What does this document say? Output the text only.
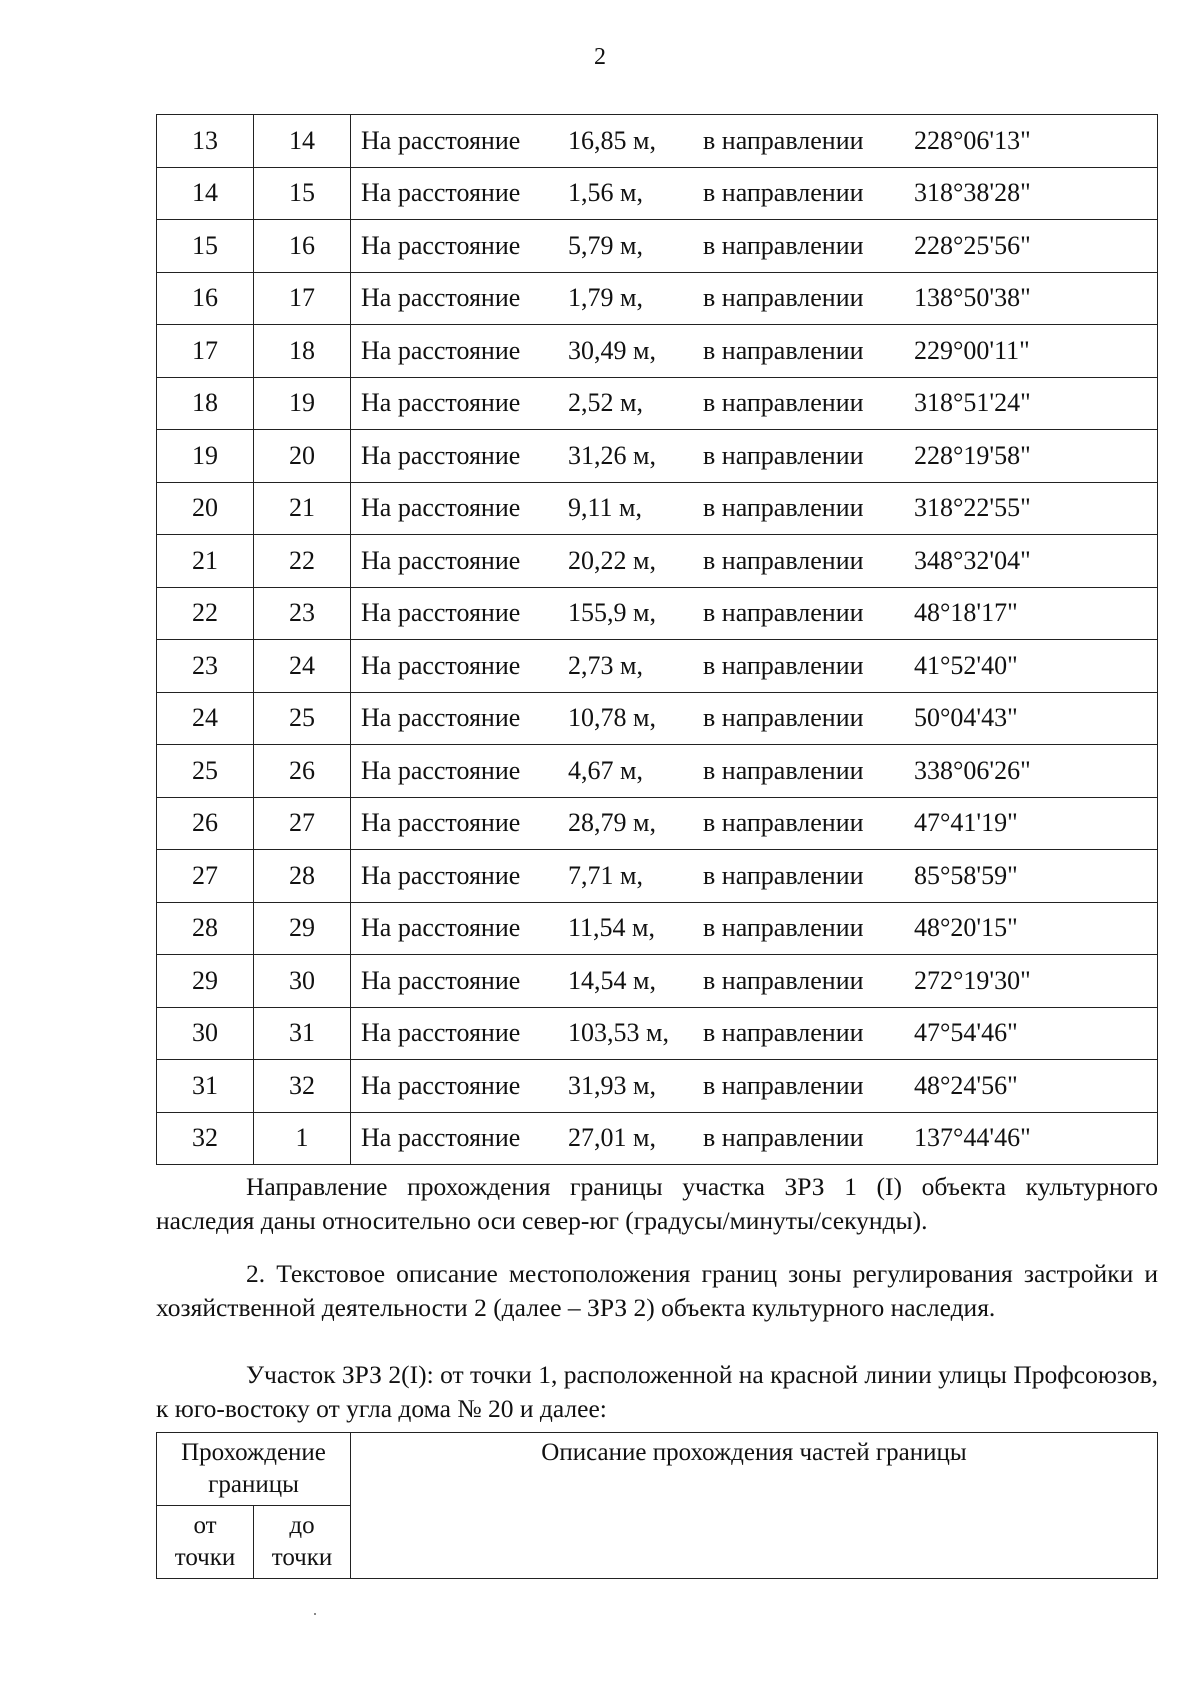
2
13	14	На расстояние 16,85 м, в направлении 228°06'13"
14	15	На расстояние 1,56 м, в направлении 318°38'28"
15	16	На расстояние 5,79 м, в направлении 228°25'56"
16	17	На расстояние 1,79 м, в направлении 138°50'38"
17	18	На расстояние 30,49 м, в направлении 229°00'11"
18	19	На расстояние 2,52 м, в направлении 318°51'24"
19	20	На расстояние 31,26 м, в направлении 228°19'58"
20	21	На расстояние 9,11 м, в направлении 318°22'55"
21	22	На расстояние 20,22 м, в направлении 348°32'04"
22	23	На расстояние 155,9 м, в направлении 48°18'17"
23	24	На расстояние 2,73 м, в направлении 41°52'40"
24	25	На расстояние 10,78 м, в направлении 50°04'43"
25	26	На расстояние 4,67 м, в направлении 338°06'26"
26	27	На расстояние 28,79 м, в направлении 47°41'19"
27	28	На расстояние 7,71 м, в направлении 85°58'59"
28	29	На расстояние 11,54 м, в направлении 48°20'15"
29	30	На расстояние 14,54 м, в направлении 272°19'30"
30	31	На расстояние 103,53 м, в направлении 47°54'46"
31	32	На расстояние 31,93 м, в направлении 48°24'56"
32	1	На расстояние 27,01 м, в направлении 137°44'46"
Направление прохождения границы участка ЗРЗ 1 (I) объекта культурного
наследия даны относительно оси север-юг (градусы/минуты/секунды).
2. Текстовое описание местоположения границ зоны регулирования застройки и хозяйственной деятельности 2 (далее – ЗРЗ 2) объекта культурного наследия.
Участок ЗРЗ 2(I): от точки 1, расположенной на красной линии улицы Профсоюзов, к юго-востоку от угла дома № 20 и далее:
Прохождение границы		Описание прохождения частей границы
от точки	до точки	
